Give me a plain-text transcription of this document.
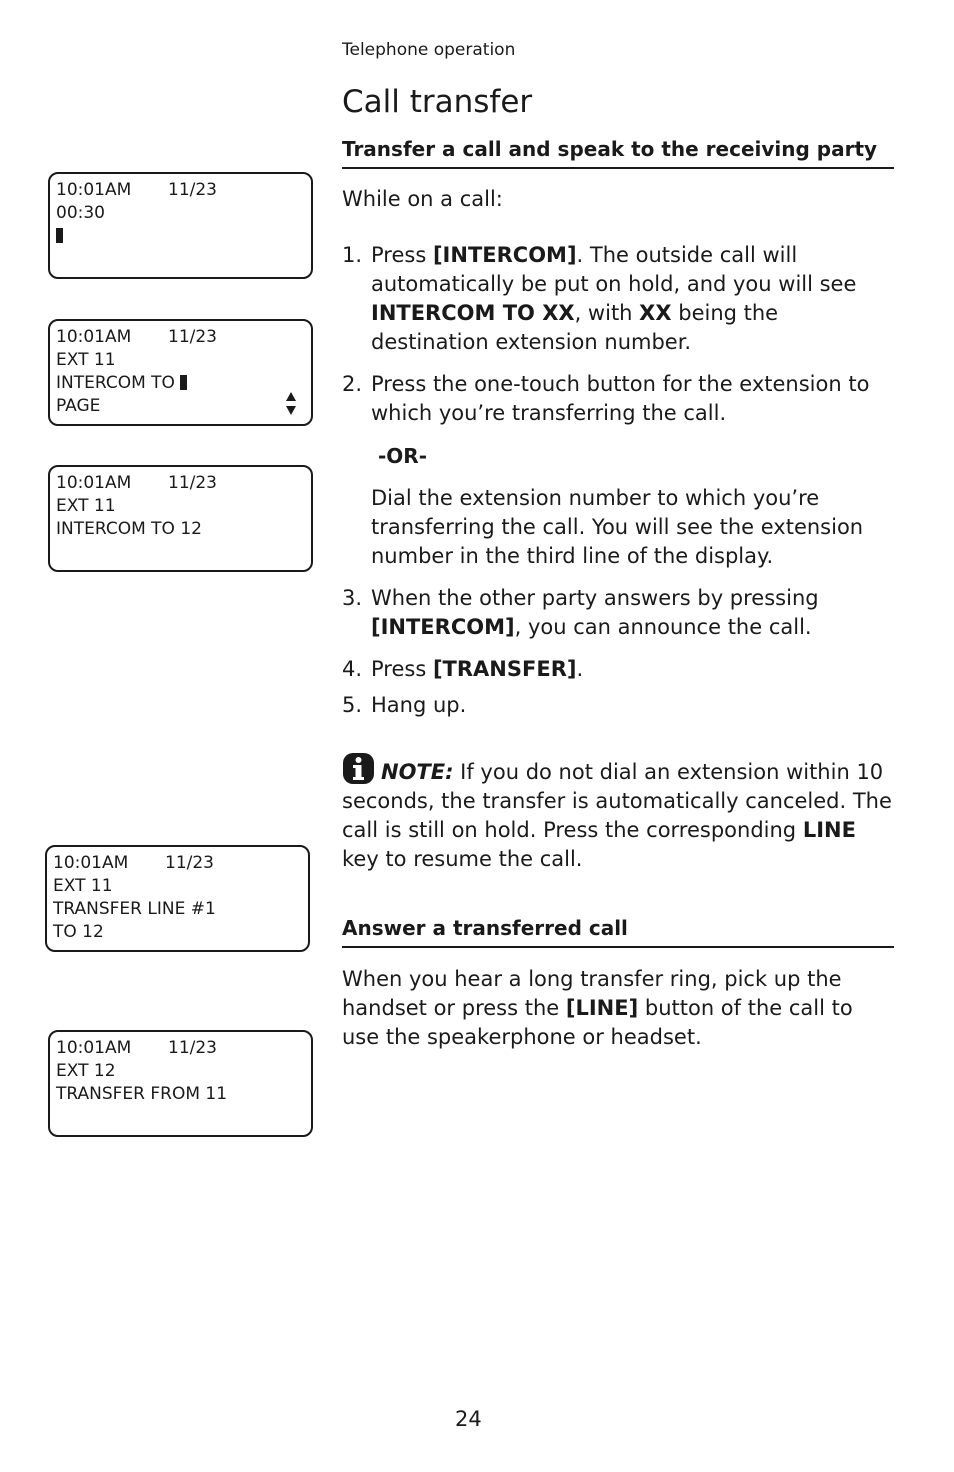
Telephone operation
Call transfer
Transfer a call and speak to the receiving party
While on a call:
1. Press [INTERCOM]. The outside call will automatically be put on hold, and you will see INTERCOM TO XX, with XX being the destination extension number.
2. Press the one-touch button for the extension to which you’re transferring the call.
-OR-
Dial the extension number to which you’re transferring the call. You will see the extension number in the third line of the display.
3. When the other party answers by pressing [INTERCOM], you can announce the call.
4. Press [TRANSFER].
5. Hang up.
NOTE: If you do not dial an extension within 10 seconds, the transfer is automatically canceled. The call is still on hold. Press the corresponding LINE key to resume the call.
Answer a transferred call
When you hear a long transfer ring, pick up the handset or press the [LINE] button of the call to use the speakerphone or headset.
10:01AM	11/23
00:30
10:01AM	11/23
EXT 11
INTERCOM TO
PAGE
10:01AM	11/23
EXT 11
INTERCOM TO 12
10:01AM	11/23
EXT 11
TRANSFER LINE #1
TO 12
10:01AM	11/23
EXT 12
TRANSFER FROM 11
24
